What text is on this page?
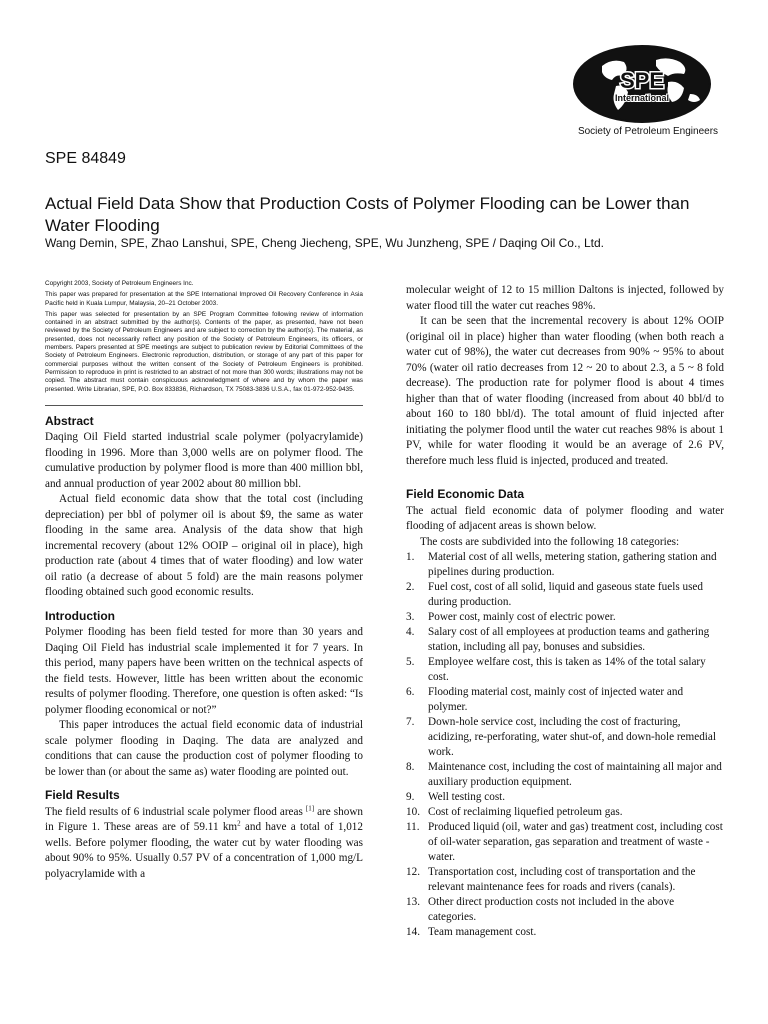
SPE
International
Society of Petroleum Engineers
SPE 84849
Actual Field Data Show that Production Costs of Polymer Flooding can be Lower than Water Flooding
Wang Demin, SPE, Zhao Lanshui, SPE, Cheng Jiecheng, SPE, Wu Junzheng, SPE / Daqing Oil Co., Ltd.

Copyright 2003, Society of Petroleum Engineers Inc.

This paper was prepared for presentation at the SPE International Improved Oil Recovery Conference in Asia Pacific held in Kuala Lumpur, Malaysia, 20–21 October 2003.

This paper was selected for presentation by an SPE Program Committee following review of information contained in an abstract submitted by the author(s). Contents of the paper, as presented, have not been reviewed by the Society of Petroleum Engineers and are subject to correction by the author(s). The material, as presented, does not necessarily reflect any position of the Society of Petroleum Engineers, its officers, or members. Papers presented at SPE meetings are subject to publication review by Editorial Committees of the Society of Petroleum Engineers. Electronic reproduction, distribution, or storage of any part of this paper for commercial purposes without the written consent of the Society of Petroleum Engineers is prohibited. Permission to reproduce in print is restricted to an abstract of not more than 300 words; illustrations may not be copied. The abstract must contain conspicuous acknowledgment of where and by whom the paper was presented. Write Librarian, SPE, P.O. Box 833836, Richardson, TX 75083-3836 U.S.A., fax 01-972-952-9435.

Abstract

Daqing Oil Field started industrial scale polymer (polyacrylamide) flooding in 1996. More than 3,000 wells are on polymer flood. The cumulative production by polymer flood is more than 400 million bbl, and annual production of year 2002 about 80 million bbl.

Actual field economic data show that the total cost (including depreciation) per bbl of polymer oil is about $9, the same as water flooding in the same area. Analysis of the data show that high incremental recovery (about 12% OOIP – original oil in place), high production rate (about 4 times that of water flooding) and low water oil ratio (a decrease of about 5 fold) are the main reasons polymer flooding obtained such good economic results.

Introduction

Polymer flooding has been field tested for more than 30 years and Daqing Oil Field has industrial scale implemented it for 7 years. In this period, many papers have been written on the technical aspects of the field tests. However, little has been written about the economic results of polymer flooding. Therefore, one question is often asked: “Is polymer flooding economical or not?”

This paper introduces the actual field economic data of industrial scale polymer flooding in Daqing. The data are analyzed and conditions that can cause the production cost of polymer flooding to be lower than (or about the same as) water flooding are pointed out.

Field Results

The field results of 6 industrial scale polymer flood areas [1] are shown in Figure 1. These areas are of 59.11 $km^2$ and have a total of 1,012 wells. Before polymer flooding, the water cut by water flooding was about 90% to 95%. Usually 0.57 PV of a concentration of 1,000 mg/L polyacrylamide with a

molecular weight of 12 to 15 million Daltons is injected, followed by water flood till the water cut reaches 98%.

It can be seen that the incremental recovery is about 12% OOIP (original oil in place) higher than water flooding (when both reach a water cut of 98%), the water cut decreases from 90% ~ 95% to about 70% (water oil ratio decreases from 12 ~ 20 to about 2.3, a 5 ~ 8 fold decrease). The production rate for polymer flood is about 4 times higher than that of water flooding (increased from about 40 bbl/d to about 160 to 180 bbl/d). The total amount of fluid injected after initiating the polymer flood until the water cut reaches 98% is about 1 PV, while for water flooding it would be an average of 2.6 PV, therefore much less fluid is injected, produced and treated.

Field Economic Data

The actual field economic data of polymer flooding and water flooding of adjacent areas is shown below.

The costs are subdivided into the following 18 categories:

1. Material cost of all wells, metering station, gathering station and pipelines during production.
2. Fuel cost, cost of all solid, liquid and gaseous state fuels used during production.
3. Power cost, mainly cost of electric power.
4. Salary cost of all employees at production teams and gathering station, including all pay, bonuses and subsidies.
5. Employee welfare cost, this is taken as 14% of the total salary cost.
6. Flooding material cost, mainly cost of injected water and polymer.
7. Down-hole service cost, including the cost of fracturing, acidizing, re-perforating, water shut-of, and down-hole remedial work.
8. Maintenance cost, including the cost of maintaining all major and auxiliary production equipment.
9. Well testing cost.
10. Cost of reclaiming liquefied petroleum gas.
11. Produced liquid (oil, water and gas) treatment cost, including cost of oil-water separation, gas separation and treatment of waste -water.
12. Transportation cost, including cost of transportation and the relevant maintenance fees for roads and rivers (canals).
13. Other direct production costs not included in the above categories.
14. Team management cost.
